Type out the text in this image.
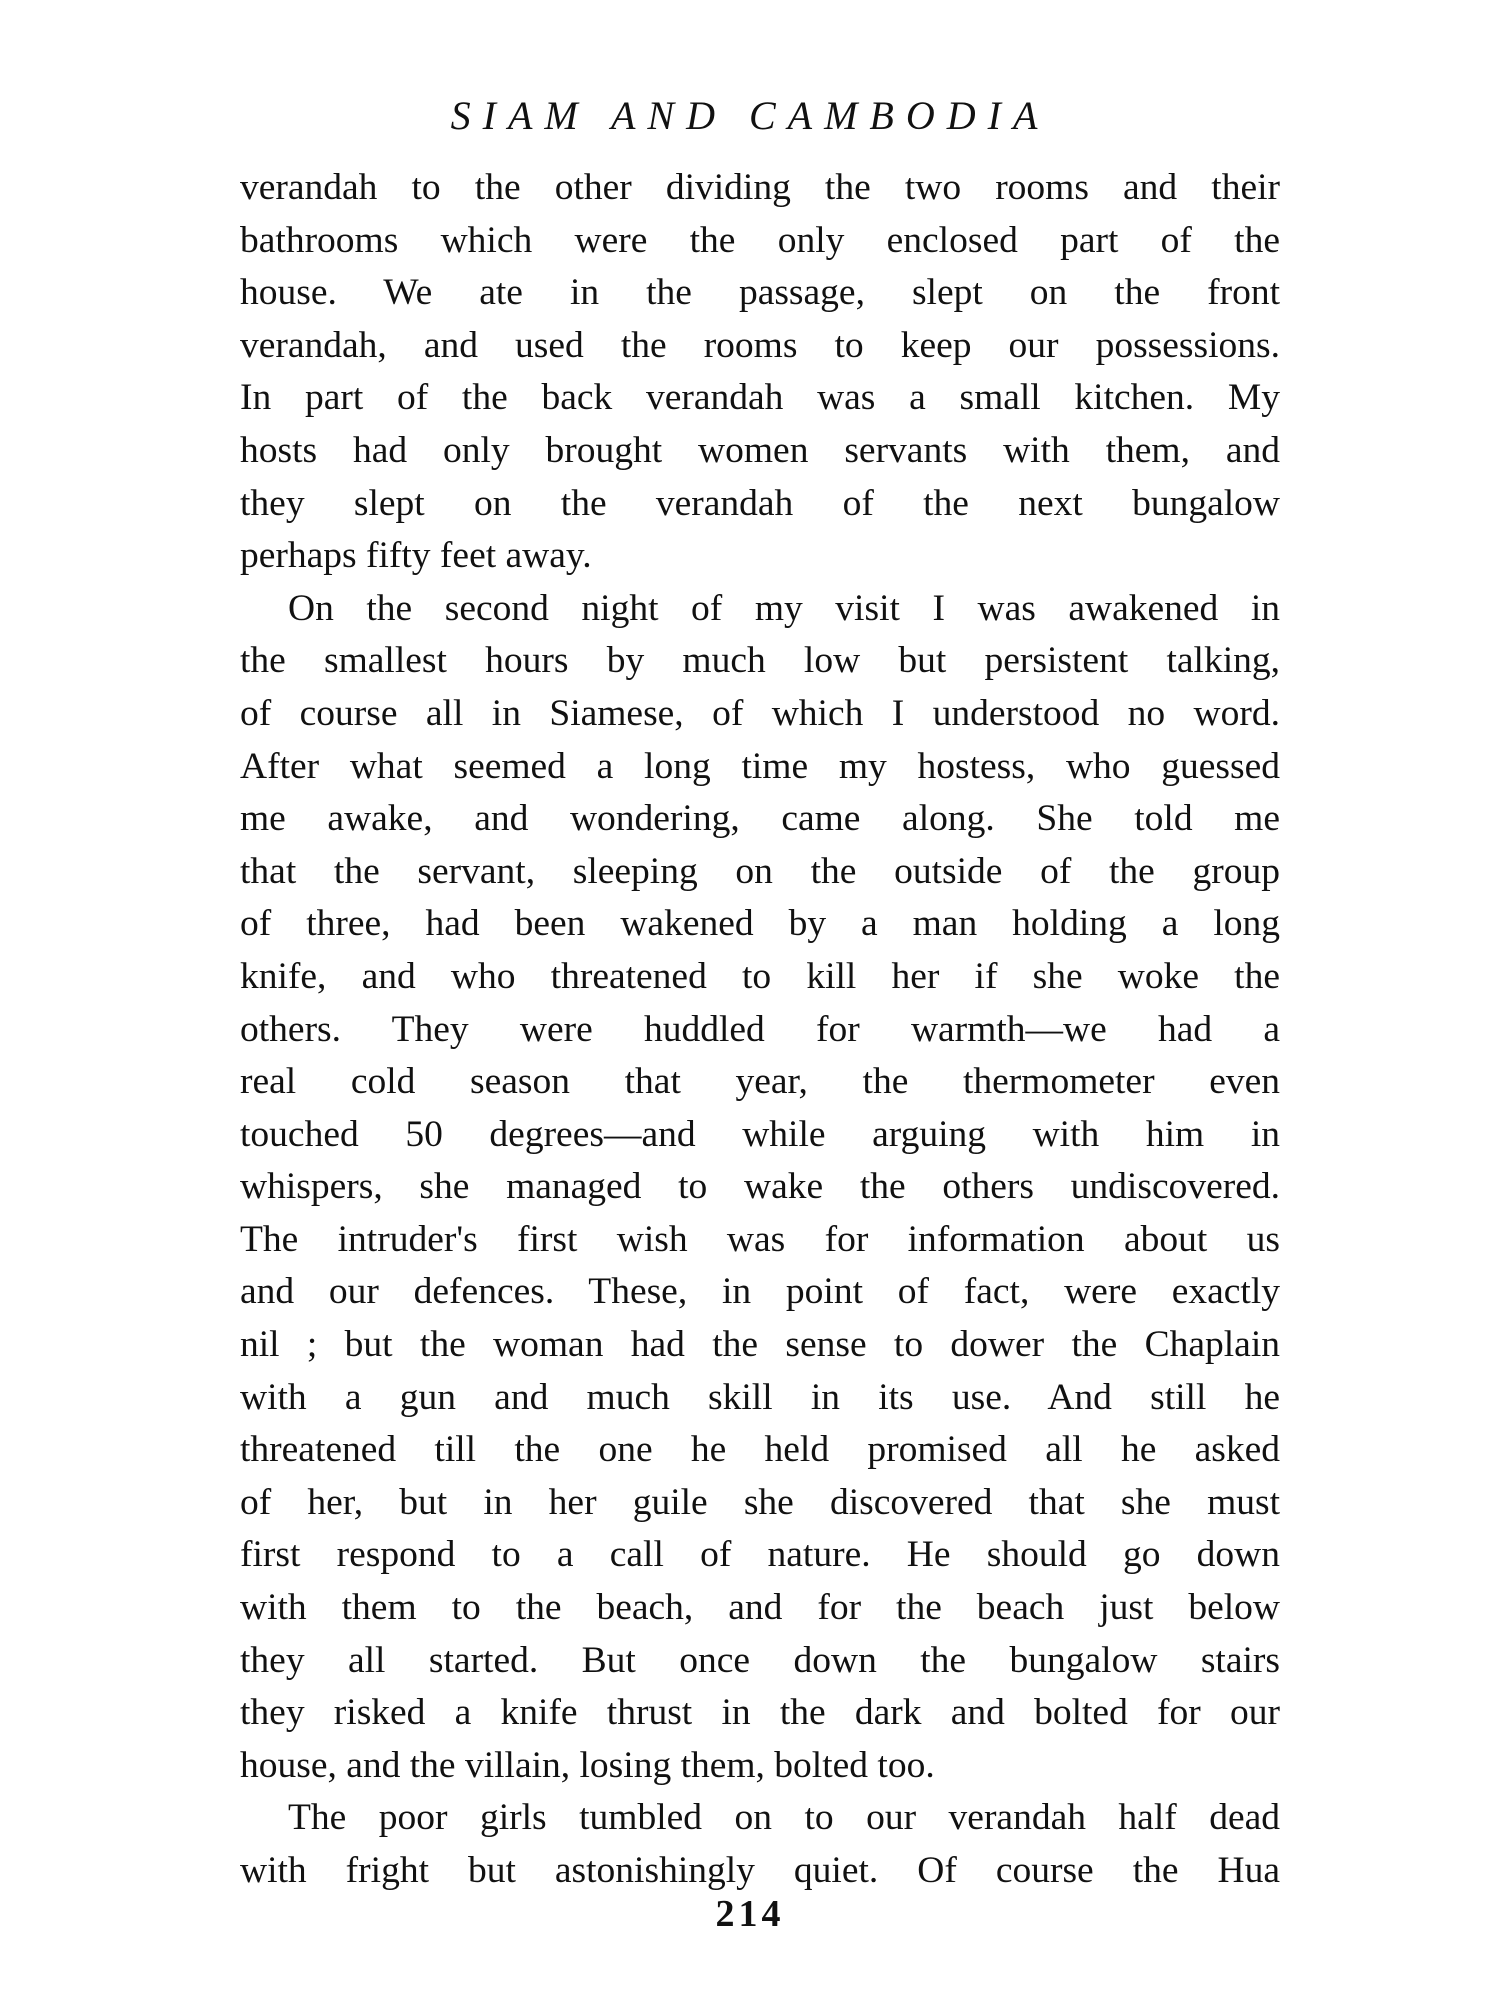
SIAM AND CAMBODIA
verandah to the other dividing the two rooms and their
bathrooms which were the only enclosed part of the
house. We ate in the passage, slept on the front
verandah, and used the rooms to keep our possessions.
In part of the back verandah was a small kitchen. My
hosts had only brought women servants with them, and
they slept on the verandah of the next bungalow
perhaps fifty feet away.
On the second night of my visit I was awakened in
the smallest hours by much low but persistent talking,
of course all in Siamese, of which I understood no word.
After what seemed a long time my hostess, who guessed
me awake, and wondering, came along. She told me
that the servant, sleeping on the outside of the group
of three, had been wakened by a man holding a long
knife, and who threatened to kill her if she woke the
others. They were huddled for warmth—we had a
real cold season that year, the thermometer even
touched 50 degrees—and while arguing with him in
whispers, she managed to wake the others undiscovered.
The intruder's first wish was for information about us
and our defences. These, in point of fact, were exactly
nil ; but the woman had the sense to dower the Chaplain
with a gun and much skill in its use. And still he
threatened till the one he held promised all he asked
of her, but in her guile she discovered that she must
first respond to a call of nature. He should go down
with them to the beach, and for the beach just below
they all started. But once down the bungalow stairs
they risked a knife thrust in the dark and bolted for our
house, and the villain, losing them, bolted too.
The poor girls tumbled on to our verandah half dead
with fright but astonishingly quiet. Of course the Hua
214
